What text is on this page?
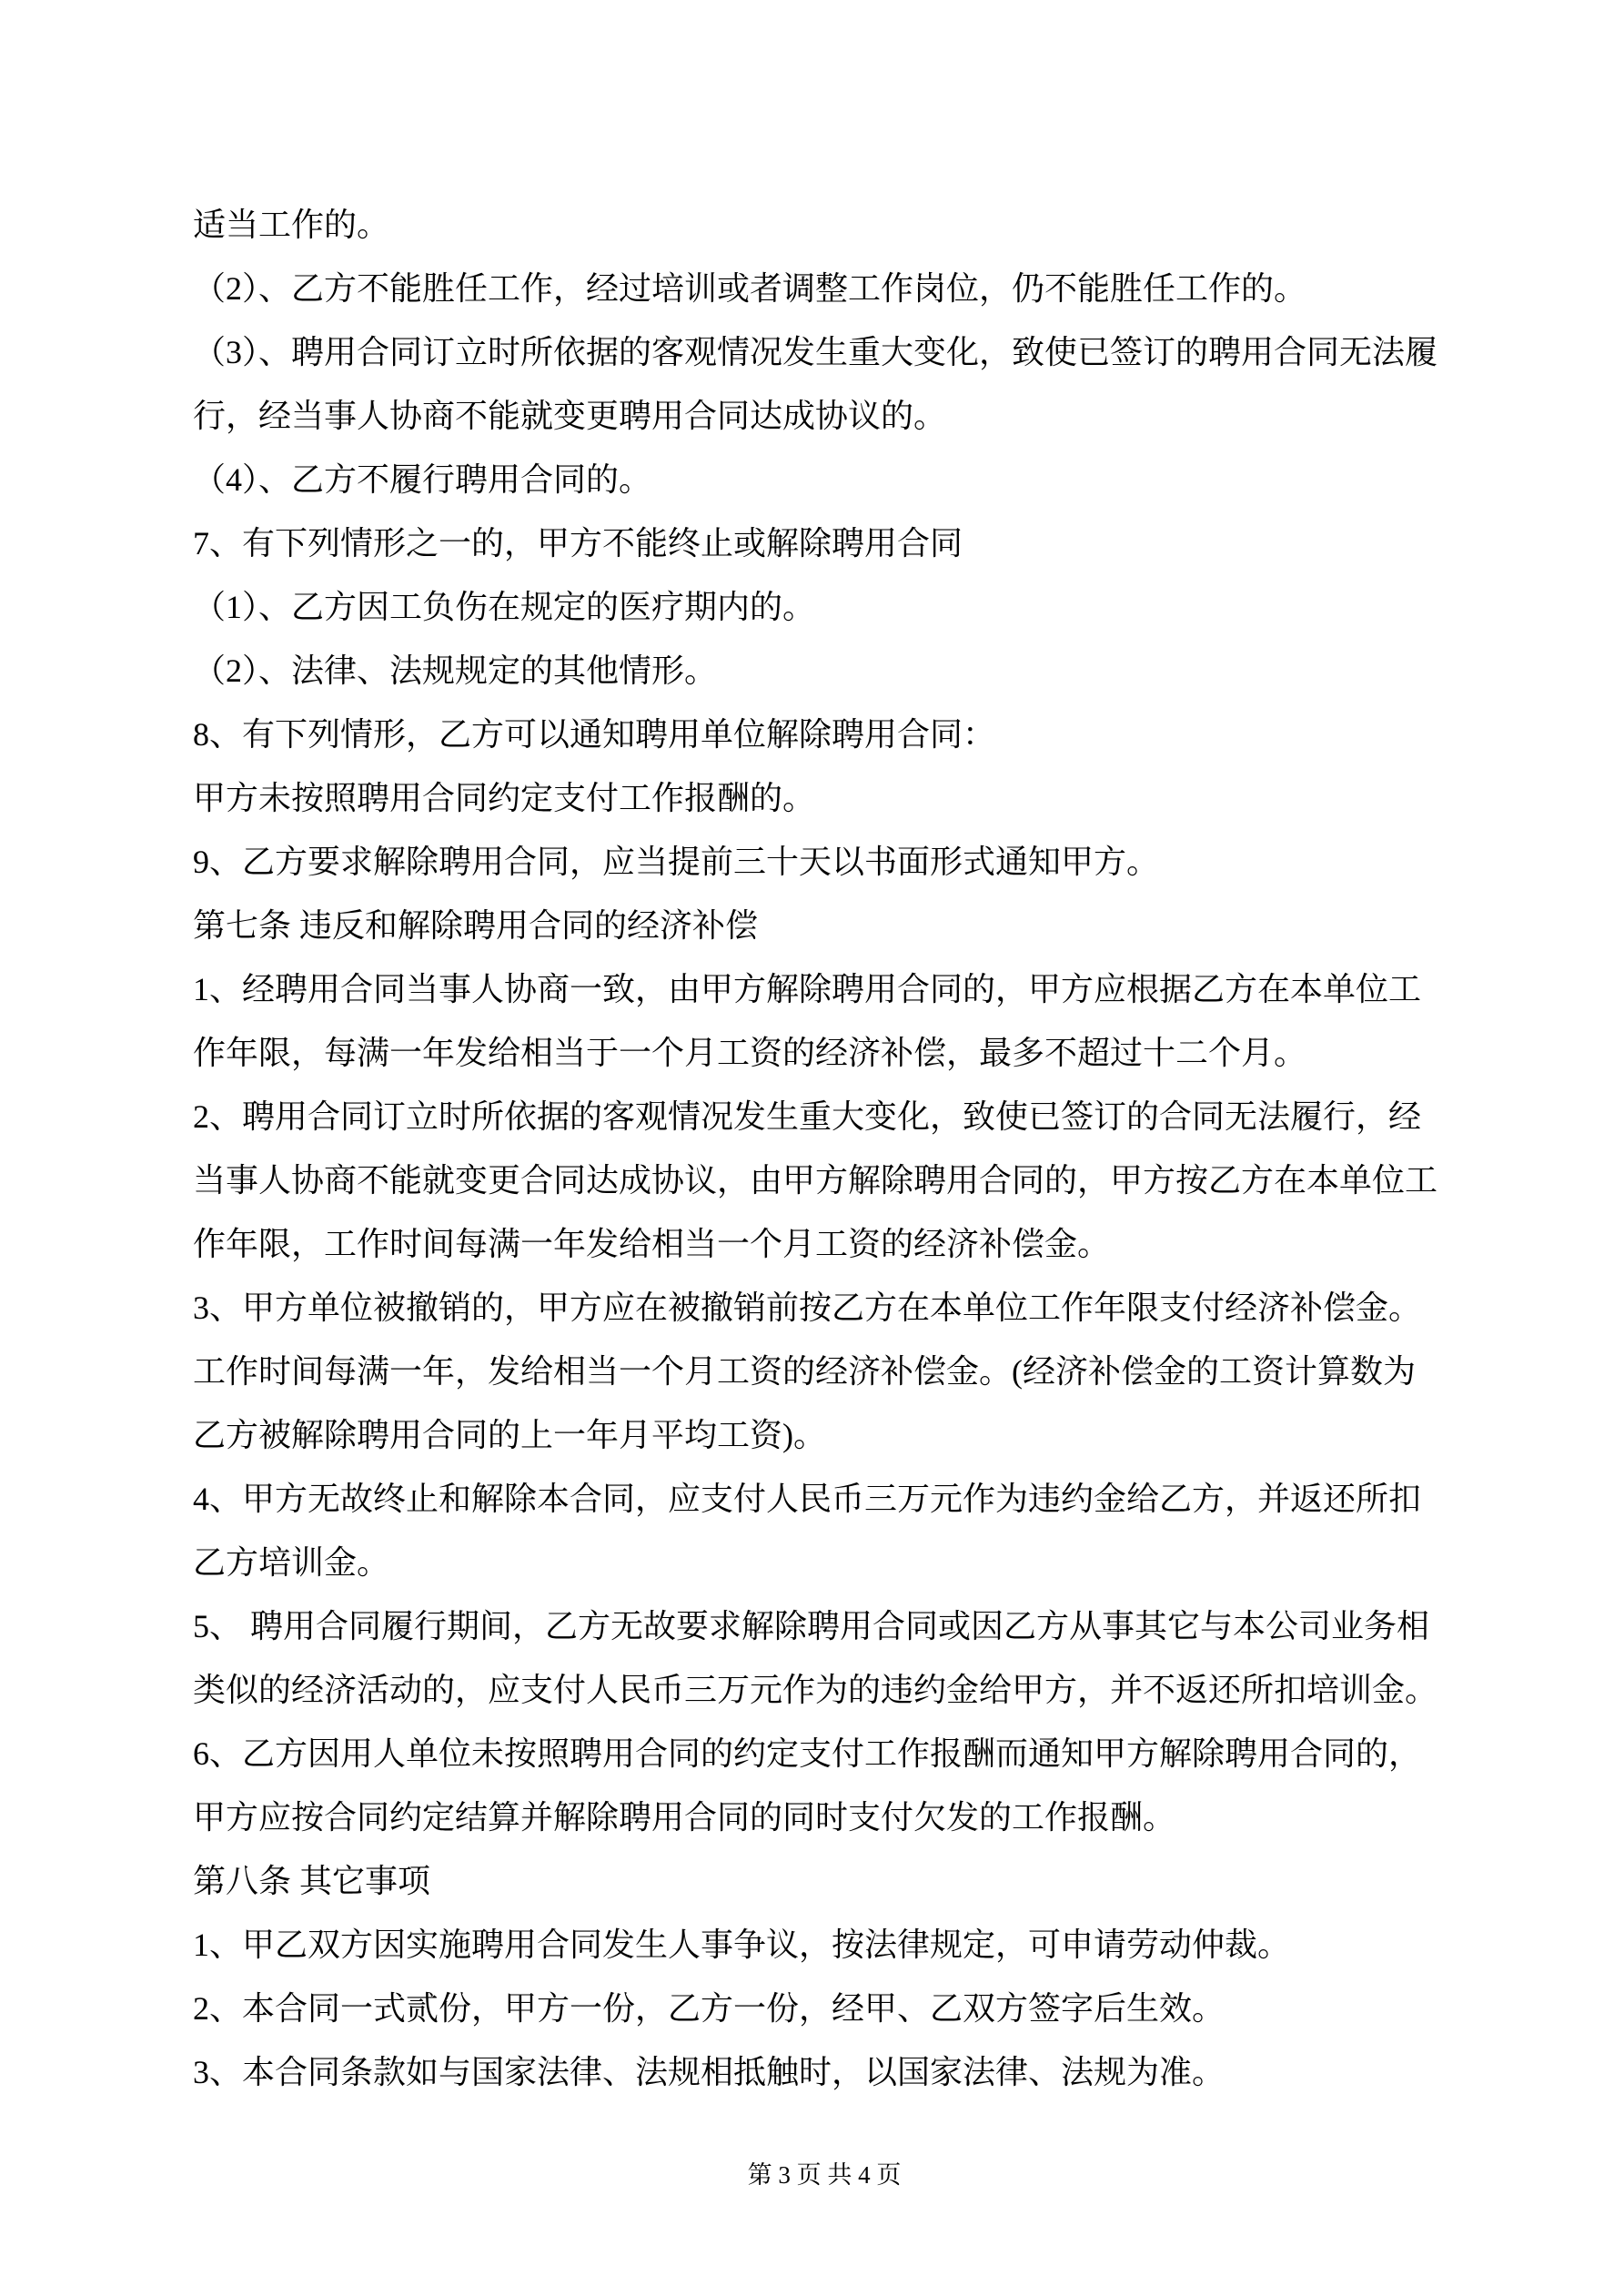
适当工作的。
（2）、乙方不能胜任工作，经过培训或者调整工作岗位，仍不能胜任工作的。
（3）、聘用合同订立时所依据的客观情况发生重大变化，致使已签订的聘用合同无法履
行，经当事人协商不能就变更聘用合同达成协议的。
（4）、乙方不履行聘用合同的。
7、有下列情形之一的，甲方不能终止或解除聘用合同
（1）、乙方因工负伤在规定的医疗期内的。
（2）、法律、法规规定的其他情形。
8、有下列情形，乙方可以通知聘用单位解除聘用合同：
甲方未按照聘用合同约定支付工作报酬的。
9、乙方要求解除聘用合同，应当提前三十天以书面形式通知甲方。
第七条 违反和解除聘用合同的经济补偿
1、经聘用合同当事人协商一致，由甲方解除聘用合同的，甲方应根据乙方在本单位工
作年限，每满一年发给相当于一个月工资的经济补偿，最多不超过十二个月。
2、聘用合同订立时所依据的客观情况发生重大变化，致使已签订的合同无法履行，经
当事人协商不能就变更合同达成协议，由甲方解除聘用合同的，甲方按乙方在本单位工
作年限，工作时间每满一年发给相当一个月工资的经济补偿金。
3、甲方单位被撤销的，甲方应在被撤销前按乙方在本单位工作年限支付经济补偿金。
工作时间每满一年，发给相当一个月工资的经济补偿金。(经济补偿金的工资计算数为
乙方被解除聘用合同的上一年月平均工资)。
4、甲方无故终止和解除本合同，应支付人民币三万元作为违约金给乙方，并返还所扣
乙方培训金。
5、 聘用合同履行期间，乙方无故要求解除聘用合同或因乙方从事其它与本公司业务相
类似的经济活动的，应支付人民币三万元作为的违约金给甲方，并不返还所扣培训金。
6、乙方因用人单位未按照聘用合同的约定支付工作报酬而通知甲方解除聘用合同的，
甲方应按合同约定结算并解除聘用合同的同时支付欠发的工作报酬。
第八条 其它事项
1、甲乙双方因实施聘用合同发生人事争议，按法律规定，可申请劳动仲裁。
2、本合同一式贰份，甲方一份，乙方一份，经甲、乙双方签字后生效。
3、本合同条款如与国家法律、法规相抵触时，以国家法律、法规为准。

第 3 页 共 4 页
